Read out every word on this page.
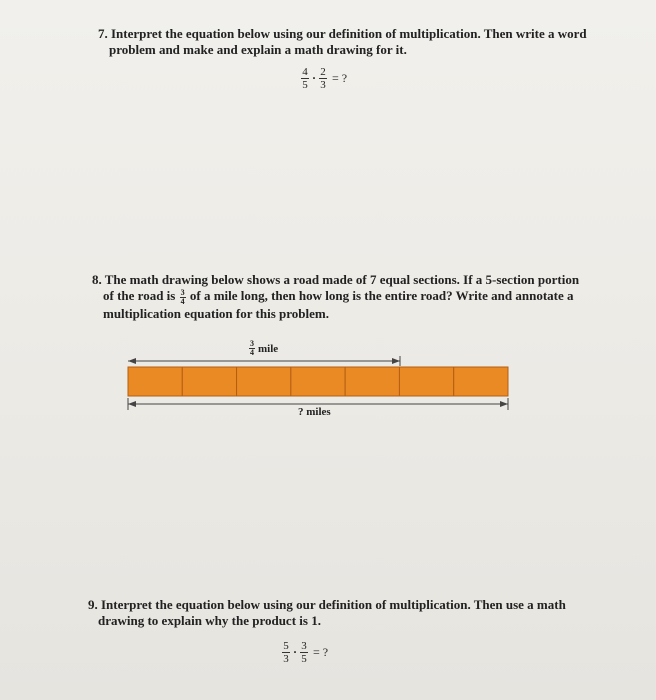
7. Interpret the equation below using our definition of multiplication. Then write a word
problem and make and explain a math drawing for it.
$\frac{4}{5} \cdot \frac{2}{3}$ = ?
8. The math drawing below shows a road made of 7 equal sections. If a 5-section portion
of the road is $\frac{3}{4}$ of a mile long, then how long is the entire road? Write and annotate a
multiplication equation for this problem.
3
4 mile
? miles
9. Interpret the equation below using our definition of multiplication. Then use a math
drawing to explain why the product is 1.
$\frac{5}{3} \cdot \frac{3}{5}$ = ?
